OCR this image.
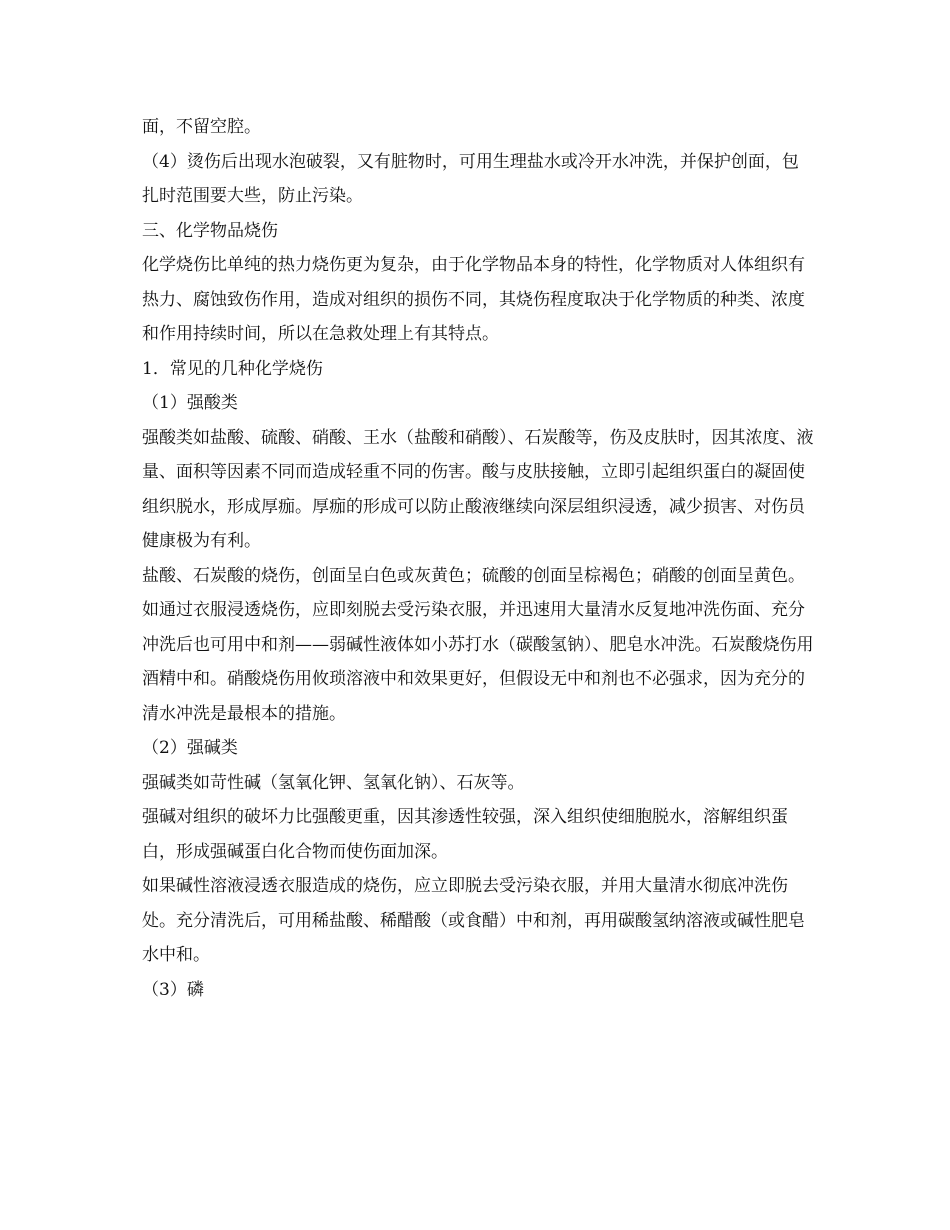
面，不留空腔。

（4）烫伤后出现水泡破裂，又有脏物时，可用生理盐水或冷开水冲洗，并保护创面，包扎时范围要大些，防止污染。

三、化学物品烧伤

化学烧伤比单纯的热力烧伤更为复杂，由于化学物品本身的特性，化学物质对人体组织有热力、腐蚀致伤作用，造成对组织的损伤不同，其烧伤程度取决于化学物质的种类、浓度和作用持续时间，所以在急救处理上有其特点。

1．常见的几种化学烧伤

（1）强酸类

强酸类如盐酸、硫酸、硝酸、王水（盐酸和硝酸）、石炭酸等，伤及皮肤时，因其浓度、液量、面积等因素不同而造成轻重不同的伤害。酸与皮肤接触，立即引起组织蛋白的凝固使组织脱水，形成厚痂。厚痂的形成可以防止酸液继续向深层组织浸透，减少损害、对伤员健康极为有利。

盐酸、石炭酸的烧伤，创面呈白色或灰黄色；硫酸的创面呈棕褐色；硝酸的创面呈黄色。

如通过衣服浸透烧伤，应即刻脱去受污染衣服，并迅速用大量清水反复地冲洗伤面、充分冲洗后也可用中和剂——弱碱性液体如小苏打水（碳酸氢钠）、肥皂水冲洗。石炭酸烧伤用酒精中和。硝酸烧伤用攸琐溶液中和效果更好，但假设无中和剂也不必强求，因为充分的清水冲洗是最根本的措施。

（2）强碱类

强碱类如苛性碱（氢氧化钾、氢氧化钠）、石灰等。

强碱对组织的破坏力比强酸更重，因其渗透性较强，深入组织使细胞脱水，溶解组织蛋白，形成强碱蛋白化合物而使伤面加深。

如果碱性溶液浸透衣服造成的烧伤，应立即脱去受污染衣服，并用大量清水彻底冲洗伤处。充分清洗后，可用稀盐酸、稀醋酸（或食醋）中和剂，再用碳酸氢纳溶液或碱性肥皂水中和。

（3）磷
